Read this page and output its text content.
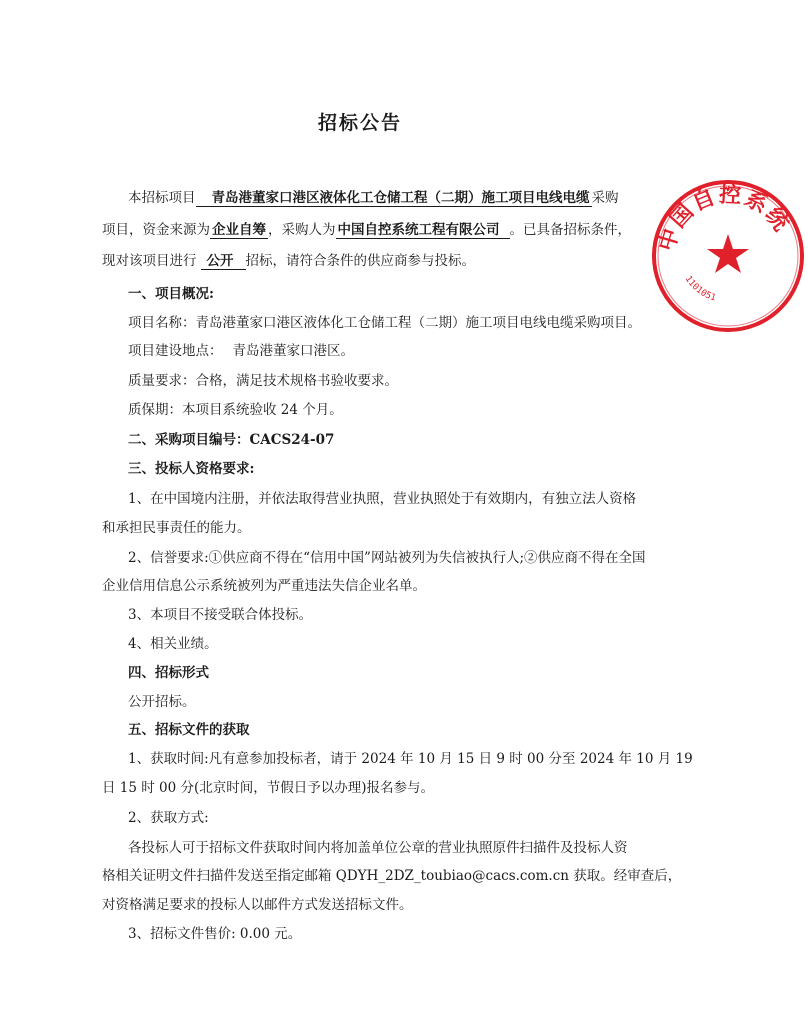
招标公告
本招标项目 青岛港董家口港区液体化工仓储工程（二期）施工项目电线电缆 采购
项目，资金来源为 企业自筹 ，采购人为 中国自控系统工程有限公司 。已具备招标条件，
现对该项目进行 公开 招标，请符合条件的供应商参与投标。
一、项目概况:
项目名称：青岛港董家口港区液体化工仓储工程（二期）施工项目电线电缆采购项目。
项目建设地点： 青岛港董家口港区。
质量要求：合格，满足技术规格书验收要求。
质保期：本项目系统验收 24 个月。
二、采购项目编号：CACS24-07
三、投标人资格要求:
1、在中国境内注册，并依法取得营业执照，营业执照处于有效期内，有独立法人资格
和承担民事责任的能力。
2、信誉要求:①供应商不得在“信用中国”网站被列为失信被执行人;②供应商不得在全国
企业信用信息公示系统被列为严重违法失信企业名单。
3、本项目不接受联合体投标。
4、相关业绩。
四、招标形式
公开招标。
五、招标文件的获取
1、获取时间:凡有意参加投标者，请于 2024 年 10 月 15 日 9 时 00 分至 2024 年 10 月 19
日 15 时 00 分(北京时间，节假日予以办理)报名参与。
2、获取方式:
各投标人可于招标文件获取时间内将加盖单位公章的营业执照原件扫描件及投标人资
格相关证明文件扫描件发送至指定邮箱 QDYH_2DZ_toubiao@cacs.com.cn 获取。经审查后，
对资格满足要求的投标人以邮件方式发送招标文件。
3、招标文件售价: 0.00 元。
中国自控系统
1101051
